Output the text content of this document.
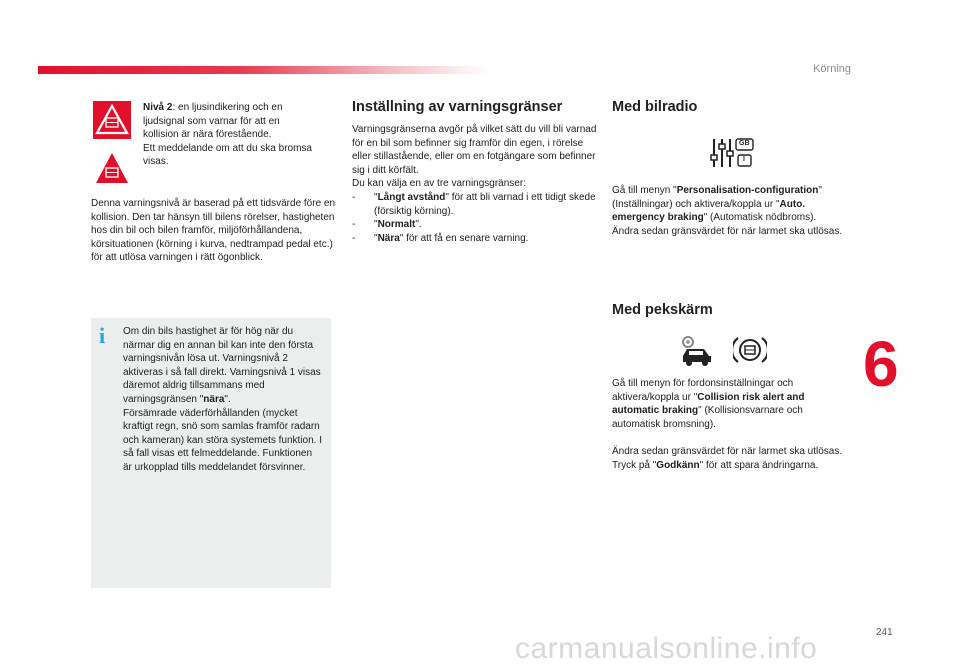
Körning
Nivå 2: en ljusindikering och en ljudsignal som varnar för att en kollision är nära förestående.
Ett meddelande om att du ska bromsa visas.
Denna varningsnivå är baserad på ett tidsvärde före en kollision. Den tar hänsyn till bilens rörelser, hastigheten hos din bil och bilen framför, miljöförhållandena, körsituationen (körning i kurva, nedtrampad pedal etc.) för att utlösa varningen i rätt ögonblick.
i Om din bils hastighet är för hög när du närmar dig en annan bil kan inte den första varningsnivån lösa ut. Varningsnivå 2 aktiveras i så fall direkt. Varningsnivå 1 visas däremot aldrig tillsammans med varningsgränsen "nära".
Försämrade väderförhållanden (mycket kraftigt regn, snö som samlas framför radarn och kameran) kan störa systemets funktion. I så fall visas ett felmeddelande. Funktionen är urkopplad tills meddelandet försvinner.
Inställning av varningsgränser
Varningsgränserna avgör på vilket sätt du vill bli varnad för en bil som befinner sig framför din egen, i rörelse eller stillastående, eller om en fotgängare som befinner sig i ditt körfält.
Du kan välja en av tre varningsgränser:
-	"Långt avstånd" för att bli varnad i ett tidigt skede (försiktig körning).
-	"Normalt".
-	"Nära" för att få en senare varning.
Med bilradio
GB
I
Gå till menyn "Personalisation-configuration" (Inställningar) och aktivera/koppla ur "Auto. emergency braking" (Automatisk nödbroms).
Ändra sedan gränsvärdet för när larmet ska utlösas.
Med pekskärm
Gå till menyn för fordonsinställningar och aktivera/koppla ur "Collision risk alert and automatic braking" (Kollisionsvarnare och automatisk bromsning).
Ändra sedan gränsvärdet för när larmet ska utlösas.
Tryck på "Godkänn" för att spara ändringarna.
6
241
carmanualsonline.info
